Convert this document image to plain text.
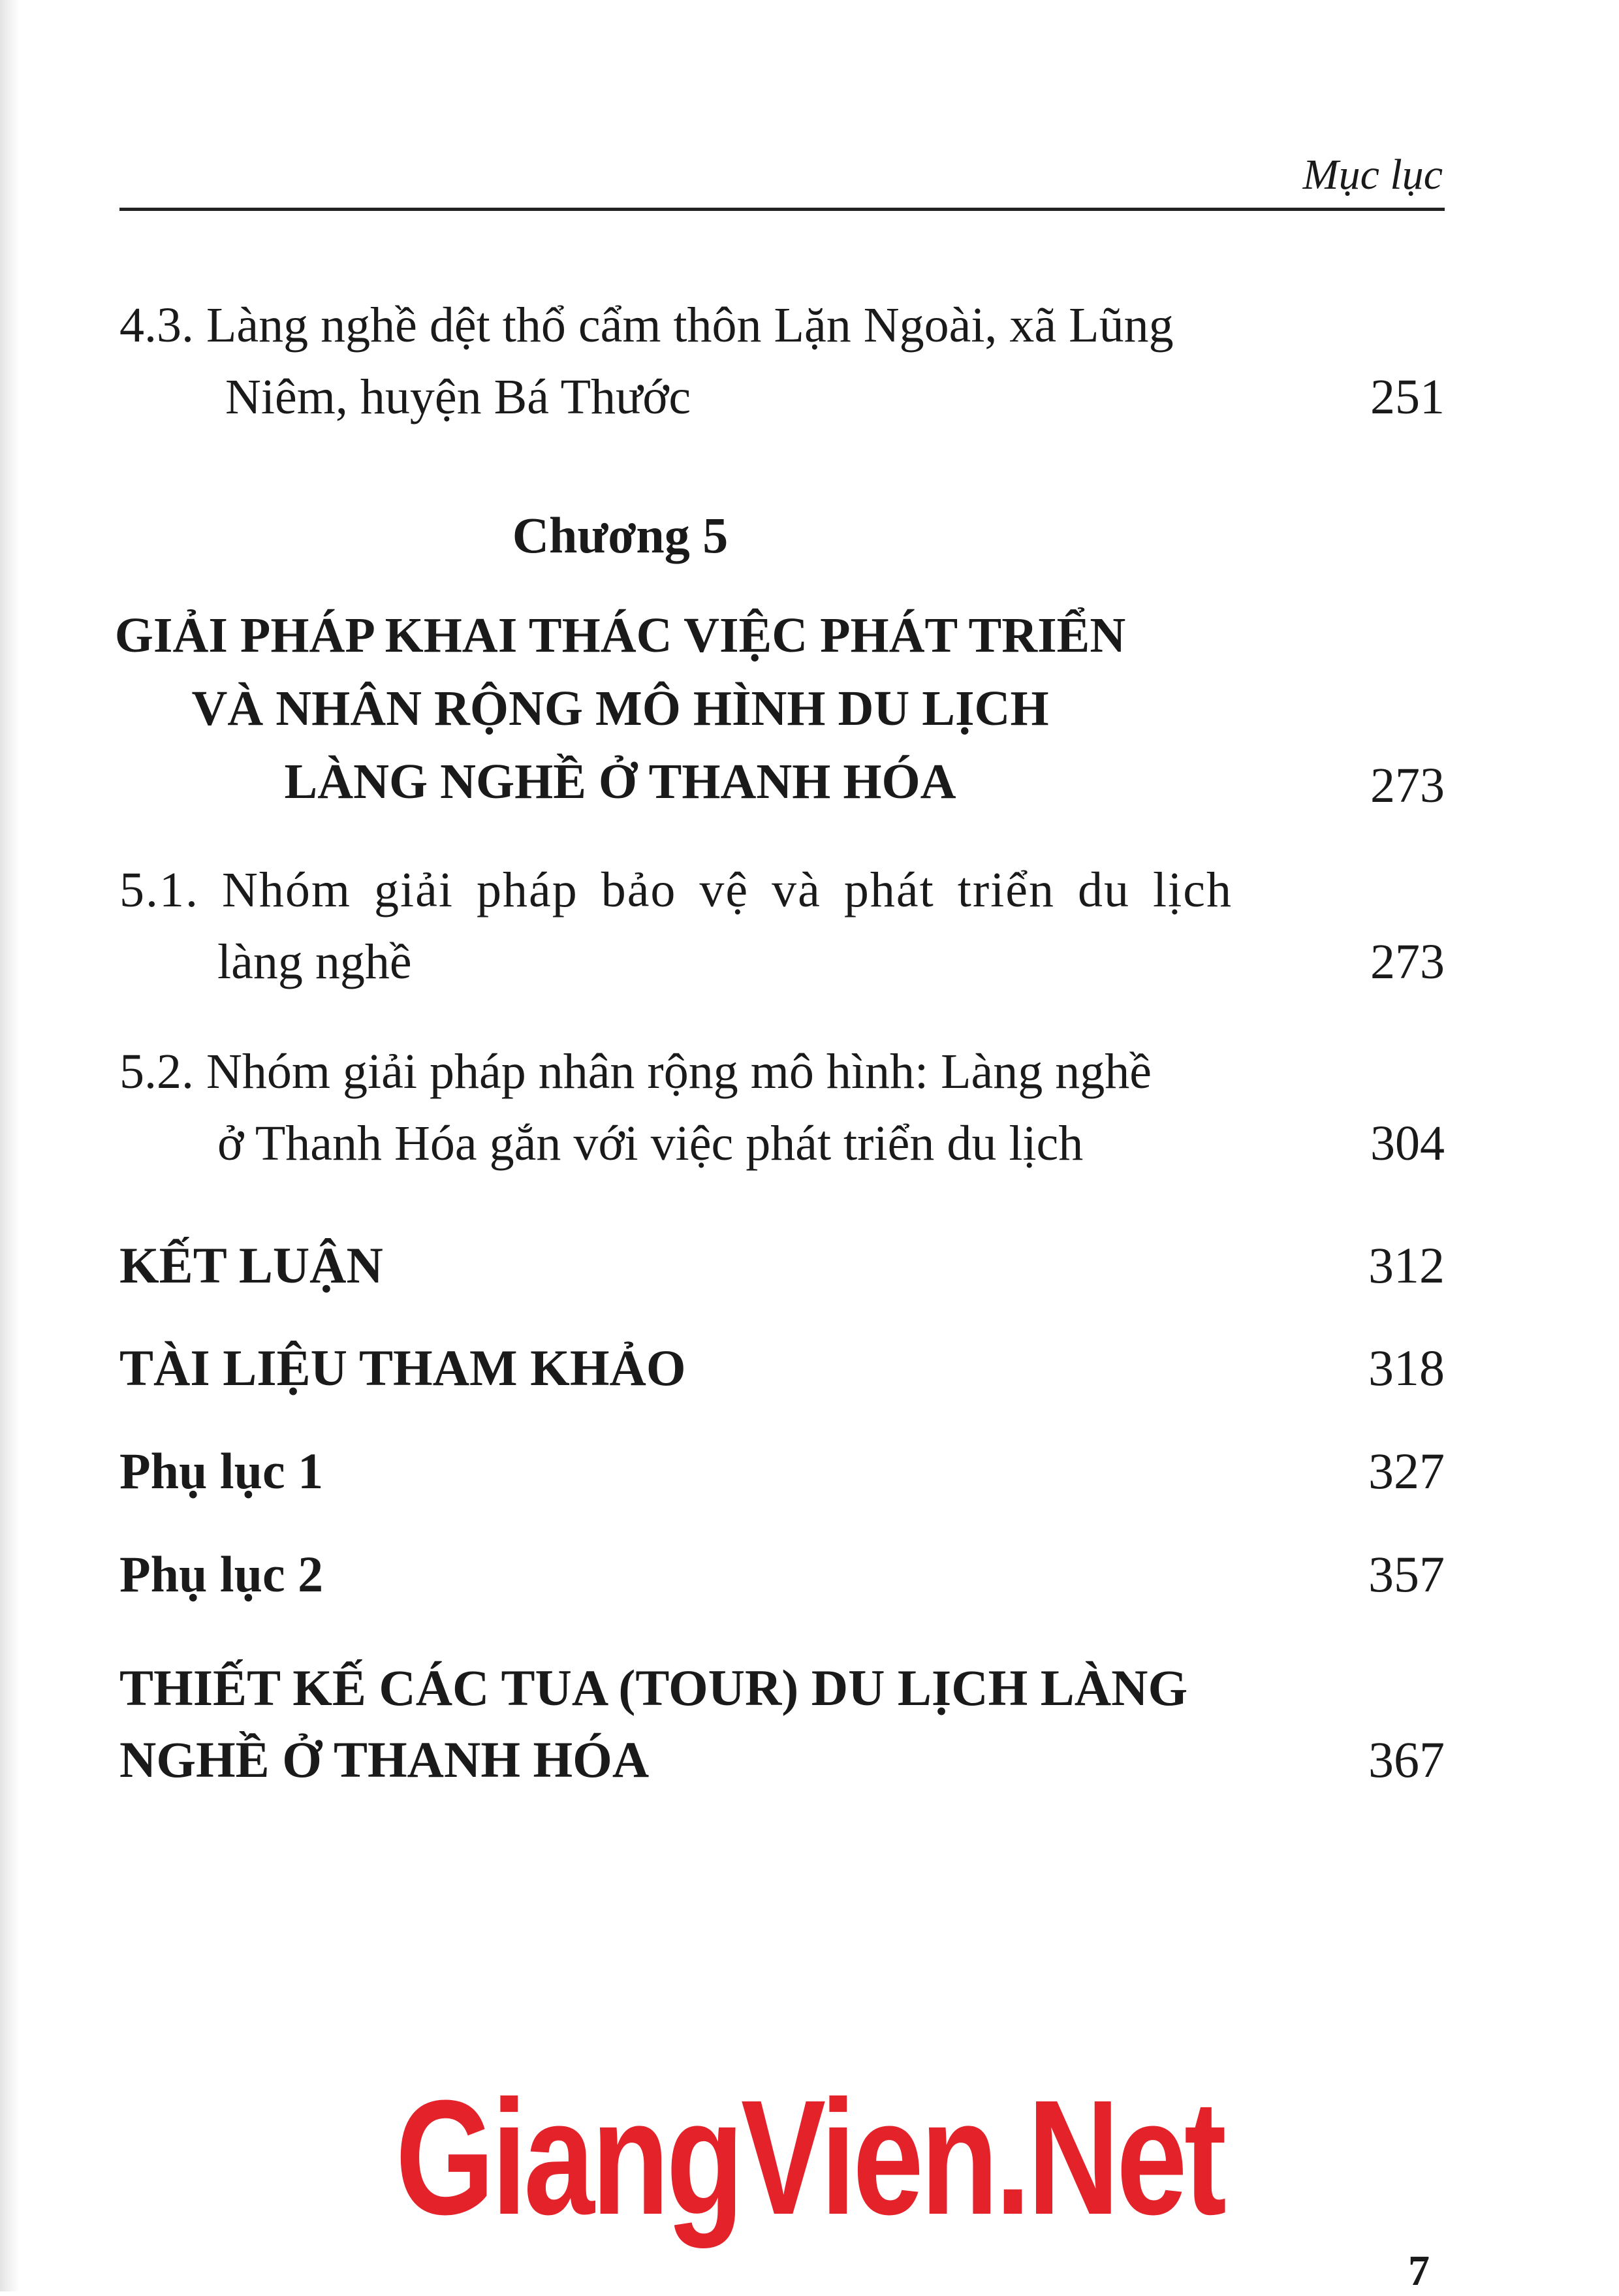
Mục lục
4.3. Làng nghề dệt thổ cẩm thôn Lặn Ngoài, xã Lũng
Niêm, huyện Bá Thước	251
Chương 5
GIẢI PHÁP KHAI THÁC VIỆC PHÁT TRIỂN
VÀ NHÂN RỘNG MÔ HÌNH DU LỊCH
LÀNG NGHỀ Ở THANH HÓA	273
5.1. Nhóm giải pháp bảo vệ và phát triển du lịch
làng nghề	273
5.2. Nhóm giải pháp nhân rộng mô hình: Làng nghề
ở Thanh Hóa gắn với việc phát triển du lịch	304
KẾT LUẬN	312
TÀI LIỆU THAM KHẢO	318
Phụ lục 1	327
Phụ lục 2	357
THIẾT KẾ CÁC TUA (TOUR) DU LỊCH LÀNG
NGHỀ Ở THANH HÓA	367
GiangVien.Net
7
